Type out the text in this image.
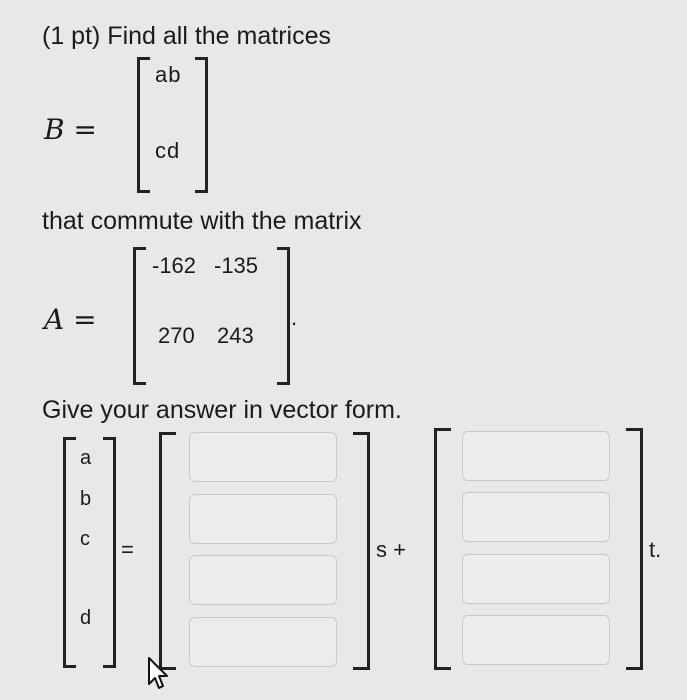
(1 pt) Find all the matrices
B =
ab
cd
that commute with the matrix
A =
-162 -135
270 243
.
Give your answer in vector form.
a
b
c
d
=	s +	t.
